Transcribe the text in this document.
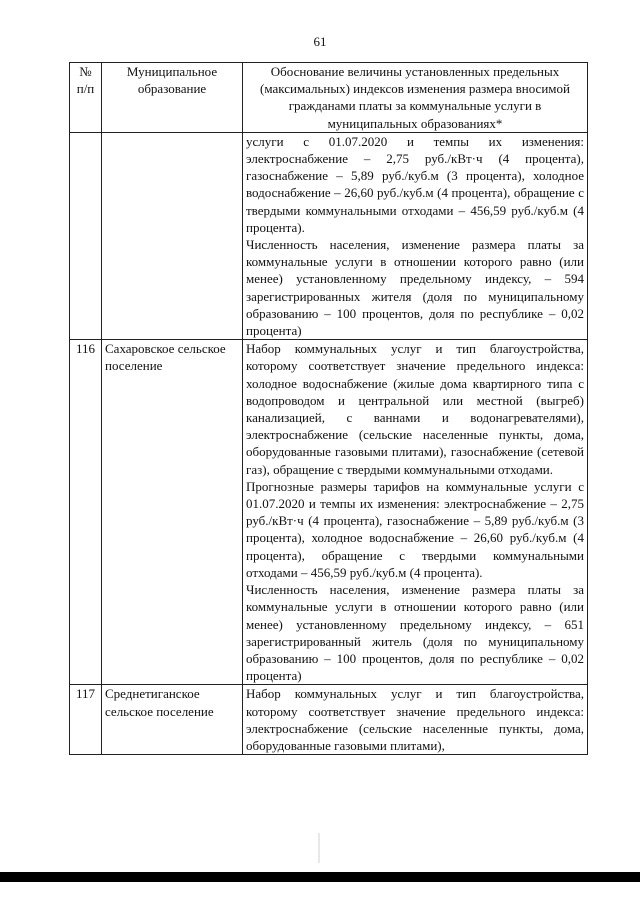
61
№ п/п	Муниципальное образование	Обоснование величины установленных предельных (максимальных) индексов изменения размера вносимой гражданами платы за коммунальные услуги в муниципальных образованиях*

		услуги с 01.07.2020 и темпы их изменения: электроснабжение – 2,75 руб./кВт·ч (4 процента), газоснабжение – 5,89 руб./куб.м (3 процента), холодное водоснабжение – 26,60 руб./куб.м (4 процента), обращение с твердыми коммунальными отходами – 456,59 руб./куб.м (4 процента).

Численность населения, изменение размера платы за коммунальные услуги в отношении которого равно (или менее) установленному предельному индексу, – 594 зарегистрированных жителя (доля по муниципальному образованию – 100 процентов, доля по республике – 0,02 процента)

116	Сахаровское сельское поселение	Набор коммунальных услуг и тип благоустройства, которому соответствует значение предельного индекса: холодное водоснабжение (жилые дома квартирного типа с водопроводом и центральной или местной (выгреб) канализацией, с ваннами и водонагревателями), электроснабжение (сельские населенные пункты, дома, оборудованные газовыми плитами), газоснабжение (сетевой газ), обращение с твердыми коммунальными отходами.

Прогнозные размеры тарифов на коммунальные услуги с 01.07.2020 и темпы их изменения: электроснабжение – 2,75 руб./кВт·ч (4 процента), газоснабжение – 5,89 руб./куб.м (3 процента), холодное водоснабжение – 26,60 руб./куб.м (4 процента), обращение с твердыми коммунальными отходами – 456,59 руб./куб.м (4 процента).

Численность населения, изменение размера платы за коммунальные услуги в отношении которого равно (или менее) установленному предельному индексу, – 651 зарегистрированный житель (доля по муниципальному образованию – 100 процентов, доля по республике – 0,02 процента)

117	Среднетиганское сельское поселение	Набор коммунальных услуг и тип благоустройства, которому соответствует значение предельного индекса: электроснабжение (сельские населенные пункты, дома, оборудованные газовыми плитами),
